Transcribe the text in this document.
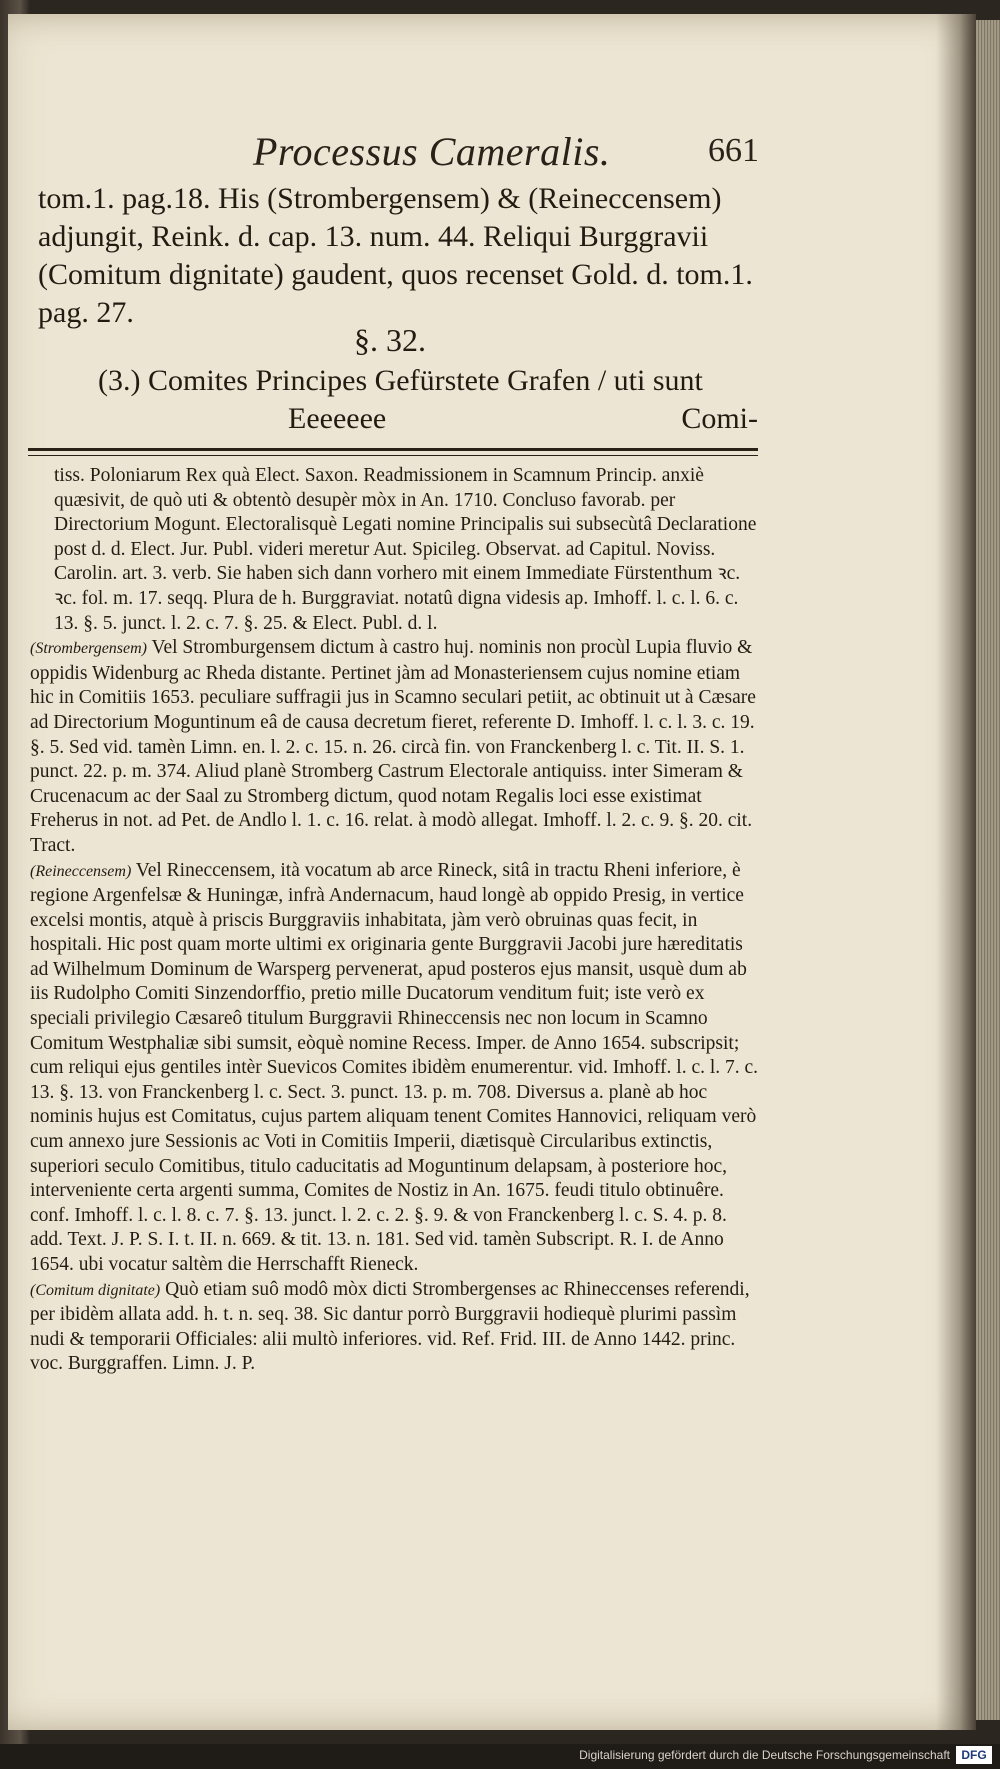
Processus Cameralis.	661

tom.1. pag.18. His (Strombergensem) & (Reineccensem)

adjungit, Reink. d. cap. 13. num. 44. Reliqui Burggravii

(Comitum dignitate) gaudent, quos recenset Gold. d. tom.1.

pag. 27.

§. 32.
(3.) Comites Principes Gefürstete Grafen / uti sunt
Eeeeeee	Comi-

tiss. Poloniarum Rex quà Elect. Saxon. Readmissionem in Scamnum Princip. anxiè quæsivit, de quò uti & obtentò desupèr mòx in An. 1710. Concluso favorab. per Directorium Mogunt. Electoralisquè Legati nomine Principalis sui subsecùtâ Declaratione post d. d. Elect. Jur. Publ. videri meretur Aut. Spicileg. Observat. ad Capitul. Noviss. Carolin. art. 3. verb. Sie haben sich dann vorhero mit einem Immediate Fürstenthum ꝛc. ꝛc. fol. m. 17. seqq. Plura de h. Burggraviat. notatû digna videsis ap. Imhoff. l. c. l. 6. c. 13. §. 5. junct. l. 2. c. 7. §. 25. & Elect. Publ. d. l.

(Strombergensem) Vel Stromburgensem dictum à castro huj. nominis non procùl Lupia fluvio & oppidis Widenburg ac Rheda distante. Pertinet jàm ad Monasteriensem cujus nomine etiam hic in Comitiis 1653. peculiare suffragii jus in Scamno seculari petiit, ac obtinuit ut à Cæsare ad Directorium Moguntinum eâ de causa decretum fieret, referente D. Imhoff. l. c. l. 3. c. 19. §. 5. Sed vid. tamèn Limn. en. l. 2. c. 15. n. 26. circà fin. von Franckenberg l. c. Tit. II. S. 1. punct. 22. p. m. 374. Aliud planè Stromberg Castrum Electorale antiquiss. inter Simeram & Crucenacum ac der Saal zu Stromberg dictum, quod notam Regalis loci esse existimat Freherus in not. ad Pet. de Andlo l. 1. c. 16. relat. à modò allegat. Imhoff. l. 2. c. 9. §. 20. cit. Tract.

(Reineccensem) Vel Rineccensem, ità vocatum ab arce Rineck, sitâ in tractu Rheni inferiore, è regione Argenfelsæ & Huningæ, infrà Andernacum, haud longè ab oppido Presig, in vertice excelsi montis, atquè à priscis Burggraviis inhabitata, jàm verò obruinas quas fecit, in hospitali. Hic post quam morte ultimi ex originaria gente Burggravii Jacobi jure hæreditatis ad Wilhelmum Dominum de Warsperg pervenerat, apud posteros ejus mansit, usquè dum ab iis Rudolpho Comiti Sinzendorffio, pretio mille Ducatorum venditum fuit; iste verò ex speciali privilegio Cæsareô titulum Burggravii Rhineccensis nec non locum in Scamno Comitum Westphaliæ sibi sumsit, eòquè nomine Recess. Imper. de Anno 1654. subscripsit; cum reliqui ejus gentiles intèr Suevicos Comites ibidèm enumerentur. vid. Imhoff. l. c. l. 7. c. 13. §. 13. von Franckenberg l. c. Sect. 3. punct. 13. p. m. 708. Diversus a. planè ab hoc nominis hujus est Comitatus, cujus partem aliquam tenent Comites Hannovici, reliquam verò cum annexo jure Sessionis ac Voti in Comitiis Imperii, diætisquè Circularibus extinctis, superiori seculo Comitibus, titulo caducitatis ad Moguntinum delapsam, à posteriore hoc, interveniente certa argenti summa, Comites de Nostiz in An. 1675. feudi titulo obtinuêre. conf. Imhoff. l. c. l. 8. c. 7. §. 13. junct. l. 2. c. 2. §. 9. & von Franckenberg l. c. S. 4. p. 8. add. Text. J. P. S. I. t. II. n. 669. & tit. 13. n. 181. Sed vid. tamèn Subscript. R. I. de Anno 1654. ubi vocatur saltèm die Herrschafft Rieneck.

(Comitum dignitate) Quò etiam suô modô mòx dicti Strombergenses ac Rhineccenses referendi, per ibidèm allata add. h. t. n. seq. 38. Sic dantur porrò Burggravii hodiequè plurimi passìm nudi & temporarii Officiales: alii multò inferiores. vid. Ref. Frid. III. de Anno 1442. princ. voc. Burggraffen. Limn. J. P.

Digitalisierung gefördert durch die Deutsche Forschungsgemeinschaft DFG
